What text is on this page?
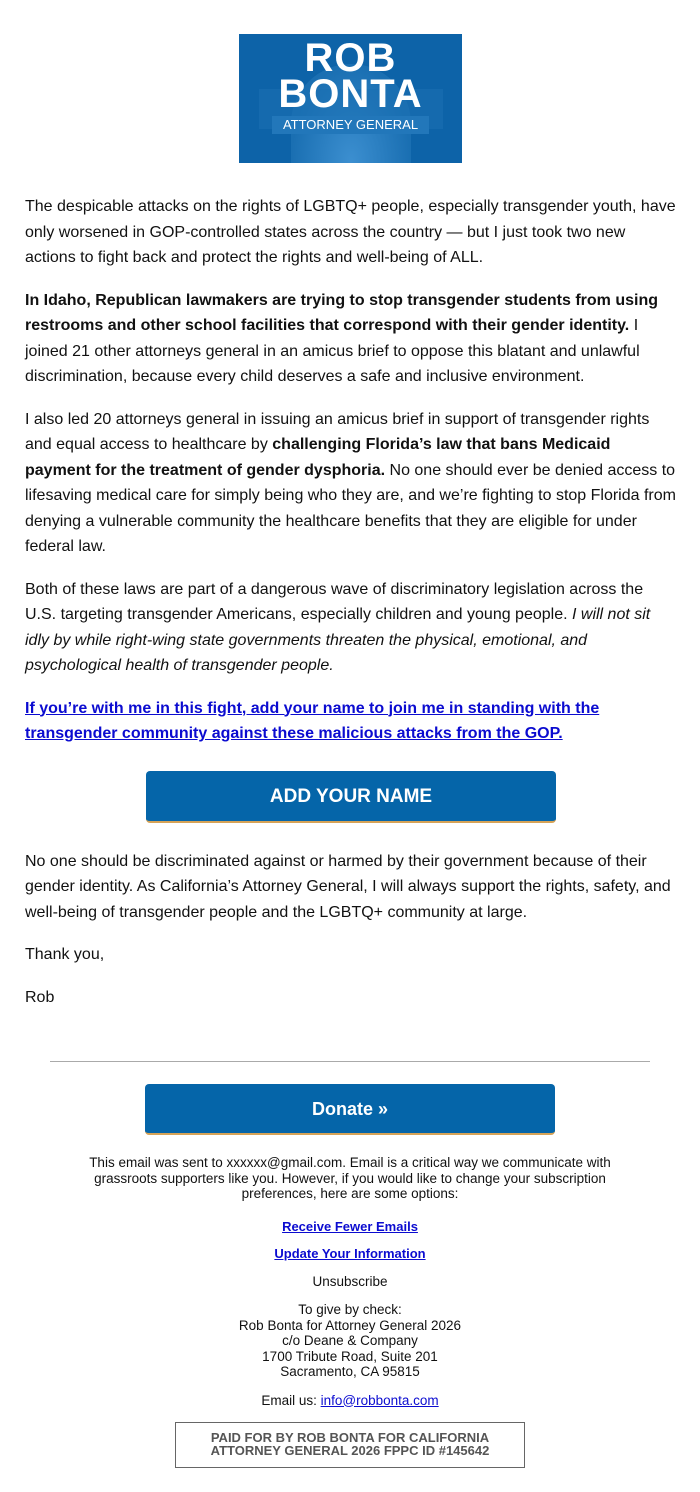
ROB
BONTA
ATTORNEY GENERAL

The despicable attacks on the rights of LGBTQ+ people, especially transgender youth, have only worsened in GOP-controlled states across the country — but I just took two new actions to fight back and protect the rights and well-being of ALL.

In Idaho, Republican lawmakers are trying to stop transgender students from using restrooms and other school facilities that correspond with their gender identity. I joined 21 other attorneys general in an amicus brief to oppose this blatant and unlawful discrimination, because every child deserves a safe and inclusive environment.

I also led 20 attorneys general in issuing an amicus brief in support of transgender rights and equal access to healthcare by challenging Florida’s law that bans Medicaid payment for the treatment of gender dysphoria. No one should ever be denied access to lifesaving medical care for simply being who they are, and we’re fighting to stop Florida from denying a vulnerable community the healthcare benefits that they are eligible for under federal law.

Both of these laws are part of a dangerous wave of discriminatory legislation across the U.S. targeting transgender Americans, especially children and young people. I will not sit idly by while right-wing state governments threaten the physical, emotional, and psychological health of transgender people.

If you’re with me in this fight, add your name to join me in standing with the transgender community against these malicious attacks from the GOP.

ADD YOUR NAME

No one should be discriminated against or harmed by their government because of their gender identity. As California’s Attorney General, I will always support the rights, safety, and well-being of transgender people and the LGBTQ+ community at large.

Thank you,

Rob

Donate »

This email was sent to xxxxxx@gmail.com. Email is a critical way we communicate with grassroots supporters like you. However, if you would like to change your subscription preferences, here are some options:

Receive Fewer Emails

Update Your Information

Unsubscribe

To give by check:
Rob Bonta for Attorney General 2026
c/o Deane & Company
1700 Tribute Road, Suite 201
Sacramento, CA 95815
Email us: info@robbonta.com
PAID FOR BY ROB BONTA FOR CALIFORNIA
ATTORNEY GENERAL 2026 FPPC ID #145642
